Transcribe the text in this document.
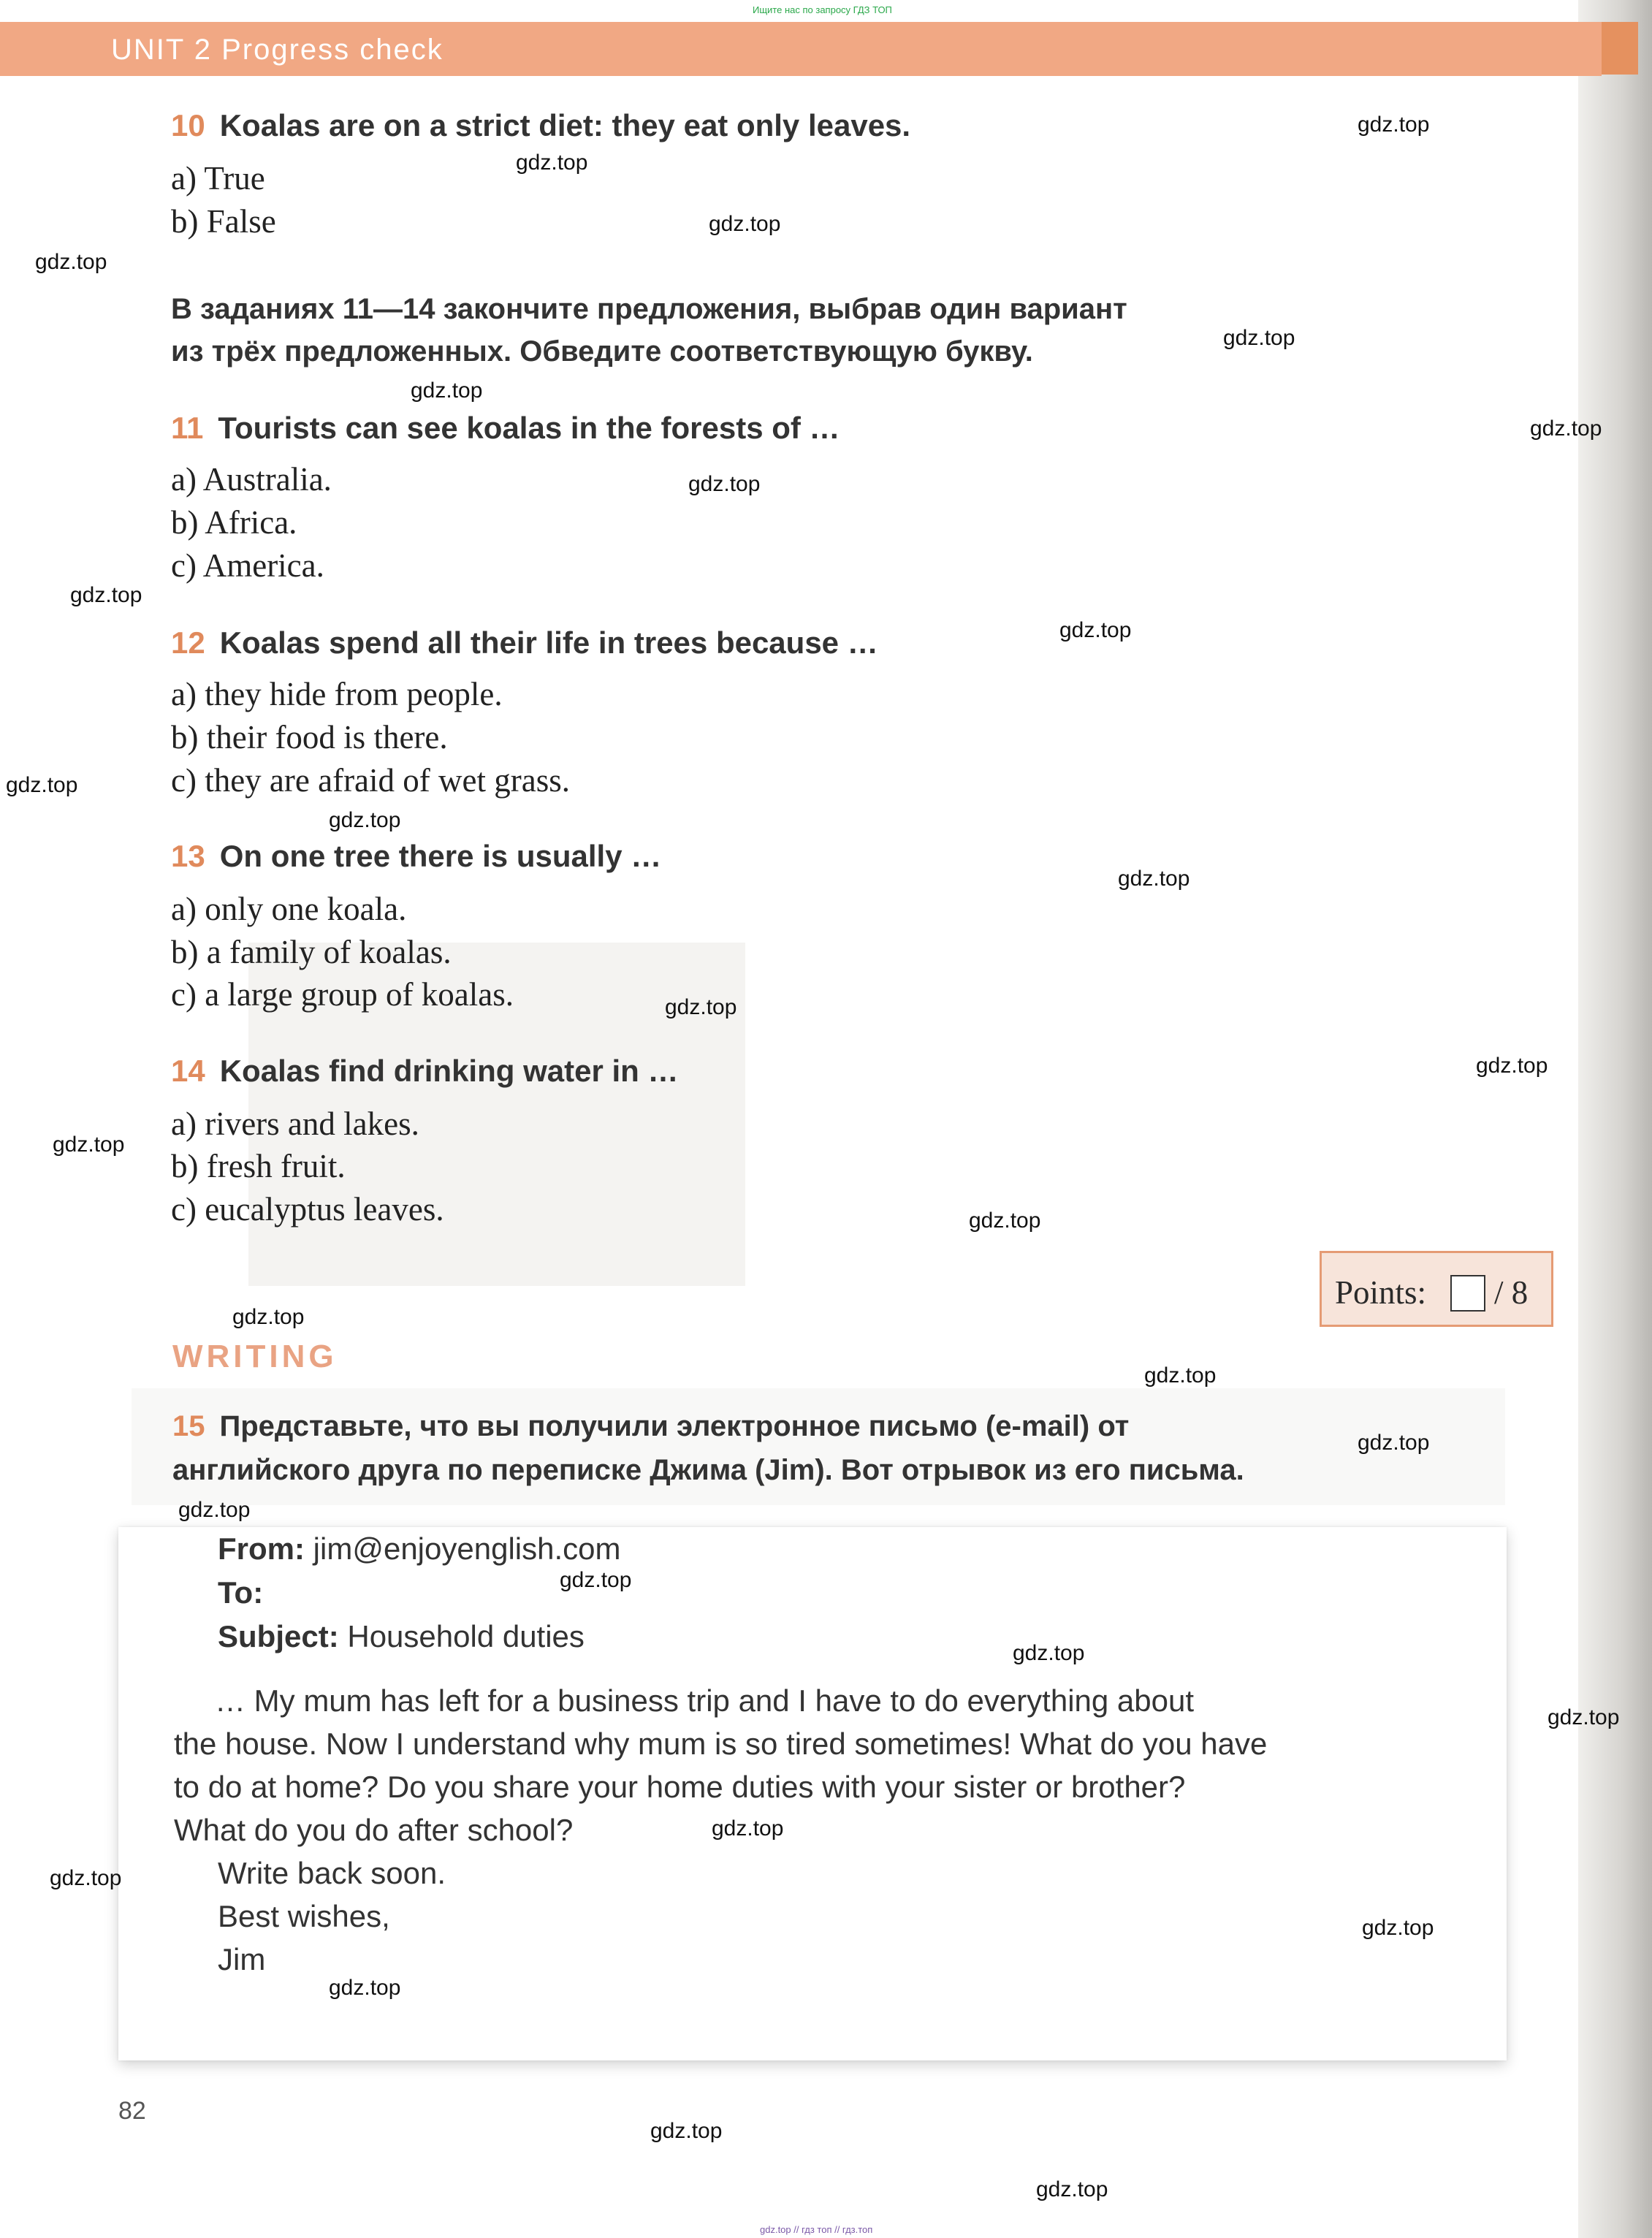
Ищите нас по запросу ГДЗ ТОП
UNIT 2 Progress check
10 Koalas are on a strict diet: they eat only leaves.
a) True
b) False
В заданиях 11—14 закончите предложения, выбрав один вариант
из трёх предложенных. Обведите соответствующую букву.
11 Tourists can see koalas in the forests of …
a) Australia.
b) Africa.
c) America.
12 Koalas spend all their life in trees because …
a) they hide from people.
b) their food is there.
c) they are afraid of wet grass.
13 On one tree there is usually …
a) only one koala.
b) a family of koalas.
c) a large group of koalas.
14 Koalas find drinking water in …
a) rivers and lakes.
b) fresh fruit.
c) eucalyptus leaves.
Points: / 8
WRITING
15 Представьте, что вы получили электронное письмо (e-mail) от
английского друга по переписке Джима (Jim). Вот отрывок из его письма.
From: jim@enjoyenglish.com
To:
Subject: Household duties

… My mum has left for a business trip and I have to do everything about

the house. Now I understand why mum is so tired sometimes! What do you have

to do at home? Do you share your home duties with your sister or brother?

What do you do after school?

Write back soon.

Best wishes,

Jim

82
gdz.top // гдз топ // гдз.топ
gdz.top
gdz.top
gdz.top
gdz.top
gdz.top
gdz.top
gdz.top
gdz.top
gdz.top
gdz.top
gdz.top
gdz.top
gdz.top
gdz.top
gdz.top
gdz.top
gdz.top
gdz.top
gdz.top
gdz.top
gdz.top
gdz.top
gdz.top
gdz.top
gdz.top
gdz.top
gdz.top
gdz.top
gdz.top
gdz.top
